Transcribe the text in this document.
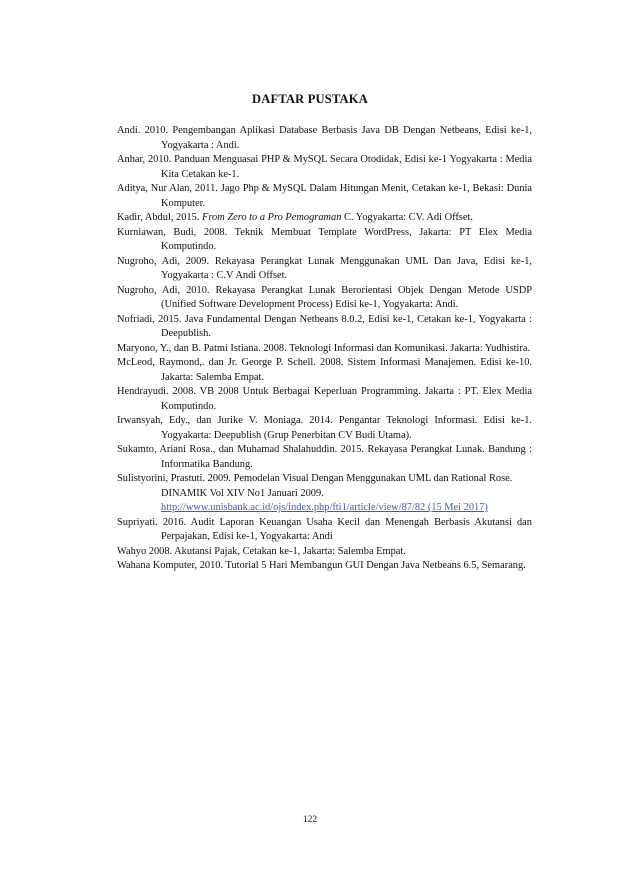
DAFTAR PUSTAKA

Andi. 2010. Pengembangan Aplikasi Database Berbasis Java DB Dengan Netbeans, Edisi ke-1, Yogyakarta : Andi.

Anhar, 2010. Panduan Menguasai PHP & MySQL Secara Otodidak, Edisi ke-1 Yogyakarta : Media Kita Cetakan ke-1.

Aditya, Nur Alan, 2011. Jago Php & MySQL Dalam Hitungan Menit, Cetakan ke-1, Bekasi: Dunia Komputer.

Kadir, Abdul, 2015. From Zero to a Pro Pemograman C. Yogyakarta: CV. Adi Offset.

Kurniawan, Budi, 2008. Teknik Membuat Template WordPress, Jakarta: PT Elex Media Komputindo.

Nugroho, Adi, 2009. Rekayasa Perangkat Lunak Menggunakan UML Dan Java, Edisi ke-1, Yogyakarta : C.V Andi Offset.

Nugroho, Adi, 2010. Rekayasa Perangkat Lunak Berorientasi Objek Dengan Metode USDP (Unified Software Development Process) Edisi ke-1, Yogyakarta: Andi.

Nofriadi, 2015. Java Fundamental Dengan Netbeans 8.0.2, Edisi ke-1, Cetakan ke-1, Yogyakarta : Deepublish.

Maryono, Y., dan B. Patmi Istiana. 2008. Teknologi Informasi dan Komunikasi. Jakarta: Yudhistira.

McLeod, Raymond,. dan Jr. George P. Schell. 2008. Sistem Informasi Manajemen. Edisi ke-10. Jakarta: Salemba Empat.

Hendrayudi. 2008. VB 2008 Untuk Berbagai Keperluan Programming. Jakarta : PT. Elex Media Komputindo.

Irwansyah, Edy., dan Jurike V. Moniaga. 2014. Pengantar Teknologi Informasi. Edisi ke-1. Yogyakarta: Deepublish (Grup Penerbitan CV Budi Utama).

Sukamto, Ariani Rosa., dan Muhamad Shalahuddin. 2015. Rekayasa Perangkat Lunak. Bandung : Informatika Bandung.

Sulistyorini, Prastuti. 2009. Pemodelan Visual Dengan Menggunakan UML dan Rational Rose.
DINAMIK Vol XIV No1 Januari 2009.
http://www.unisbank.ac.id/ojs/index.php/fti1/article/view/87/82 (15 Mei 2017)

Supriyati. 2016. Audit Laporan Keuangan Usaha Kecil dan Menengah Berbasis Akutansi dan Perpajakan, Edisi ke-1, Yogyakarta: Andi

Wahyo 2008. Akutansi Pajak, Cetakan ke-1, Jakarta: Salemba Empat.

Wahana Komputer, 2010. Tutorial 5 Hari Membangun GUI Dengan Java Netbeans 6.5, Semarang.

122
